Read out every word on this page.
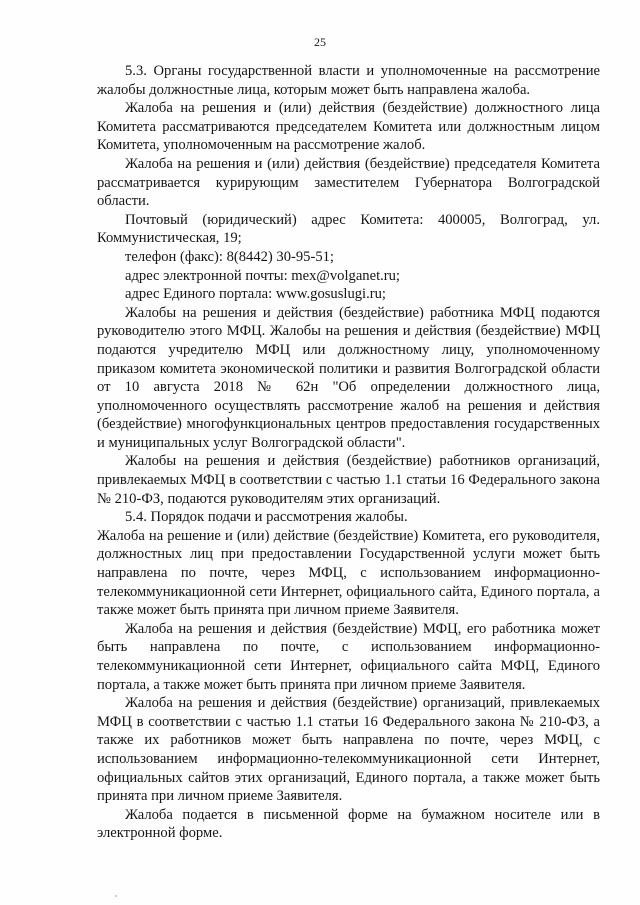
25

5.3. Органы государственной власти и уполномоченные на рассмотрение жалобы должностные лица, которым может быть направлена жалоба.

Жалоба на решения и (или) действия (бездействие) должностного лица Комитета рассматриваются председателем Комитета или должностным лицом Комитета, уполномоченным на рассмотрение жалоб.

Жалоба на решения и (или) действия (бездействие) председателя Комитета рассматривается курирующим заместителем Губернатора Волгоградской области.

Почтовый (юридический) адрес Комитета: 400005, Волгоград, ул. Коммунистическая, 19;

телефон (факс): 8(8442) 30-95-51;

адрес электронной почты: mex@volganet.ru;

адрес Единого портала: www.gosuslugi.ru;

Жалобы на решения и действия (бездействие) работника МФЦ подаются руководителю этого МФЦ. Жалобы на решения и действия (бездействие) МФЦ подаются учредителю МФЦ или должностному лицу, уполномоченному приказом комитета экономической политики и развития Волгоградской области от 10 августа 2018 № 62н "Об определении должностного лица, уполномоченного осуществлять рассмотрение жалоб на решения и действия (бездействие) многофункциональных центров предоставления государственных и муниципальных услуг Волгоградской области".

Жалобы на решения и действия (бездействие) работников организаций, привлекаемых МФЦ в соответствии с частью 1.1 статьи 16 Федерального закона № 210-ФЗ, подаются руководителям этих организаций.

5.4. Порядок подачи и рассмотрения жалобы.

Жалоба на решение и (или) действие (бездействие) Комитета, его руководителя, должностных лиц при предоставлении Государственной услуги может быть направлена по почте, через МФЦ, с использованием информационно-телекоммуникационной сети Интернет, официального сайта, Единого портала, а также может быть принята при личном приеме Заявителя.

Жалоба на решения и действия (бездействие) МФЦ, его работника может быть направлена по почте, с использованием информационно-телекоммуникационной сети Интернет, официального сайта МФЦ, Единого портала, а также может быть принята при личном приеме Заявителя.

Жалоба на решения и действия (бездействие) организаций, привлекаемых МФЦ в соответствии с частью 1.1 статьи 16 Федерального закона № 210-ФЗ, а также их работников может быть направлена по почте, через МФЦ, с использованием информационно-телекоммуникационной сети Интернет, официальных сайтов этих организаций, Единого портала, а также может быть принята при личном приеме Заявителя.

Жалоба подается в письменной форме на бумажном носителе или в электронной форме.
